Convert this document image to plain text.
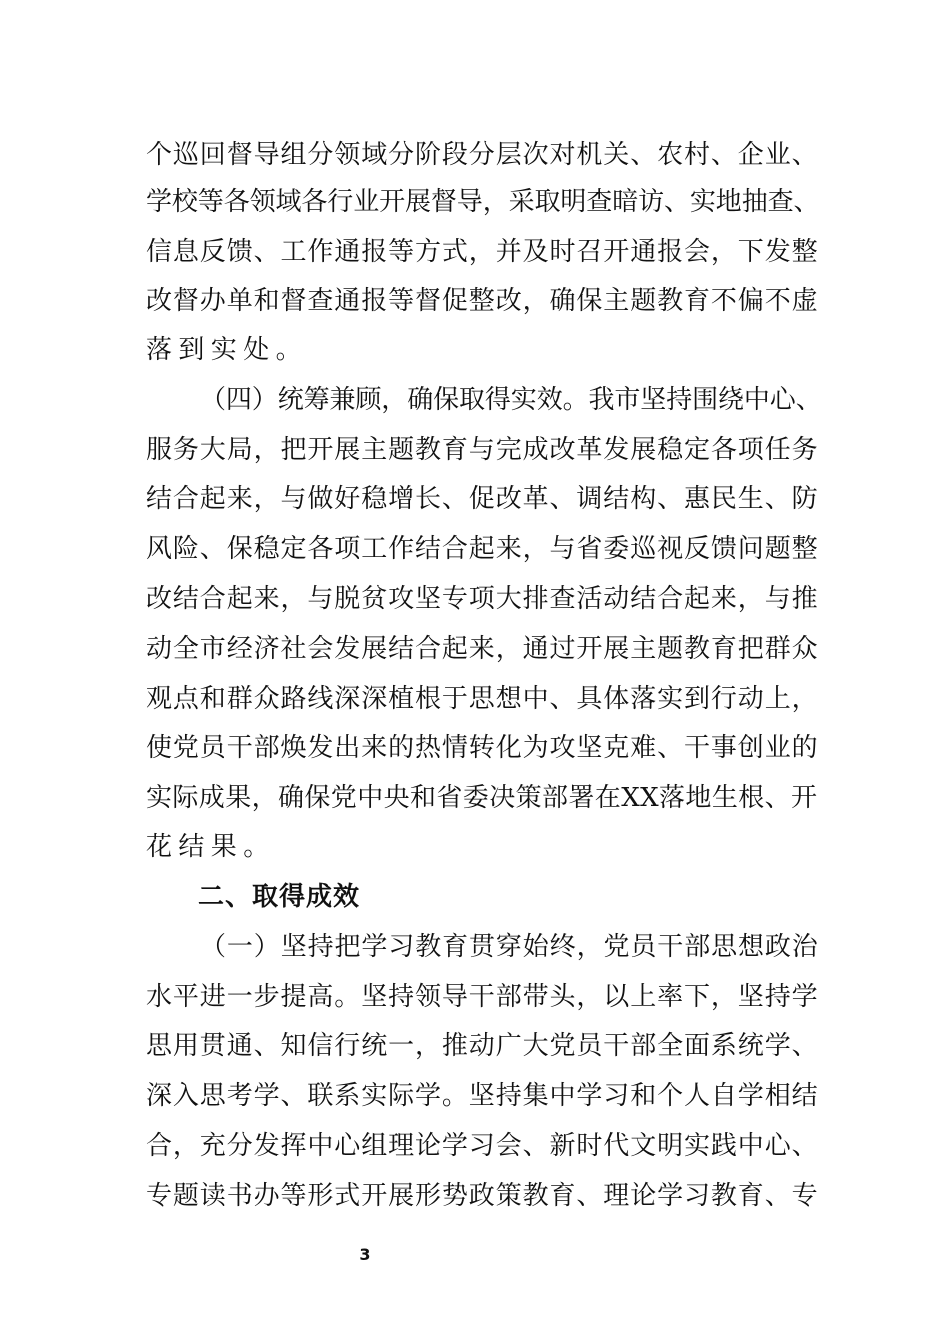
个巡回督导组分领域分阶段分层次对机关、农村、企业、
学校等各领域各行业开展督导，采取明查暗访、实地抽查、
信息反馈、工作通报等方式，并及时召开通报会，下发整
改督办单和督查通报等督促整改，确保主题教育不偏不虚
落到实处。
（四）统筹兼顾，确保取得实效。我市坚持围绕中心、
服务大局，把开展主题教育与完成改革发展稳定各项任务
结合起来，与做好稳增长、促改革、调结构、惠民生、防
风险、保稳定各项工作结合起来，与省委巡视反馈问题整
改结合起来，与脱贫攻坚专项大排查活动结合起来，与推
动全市经济社会发展结合起来，通过开展主题教育把群众
观点和群众路线深深植根于思想中、具体落实到行动上，
使党员干部焕发出来的热情转化为攻坚克难、干事创业的
实际成果，确保党中央和省委决策部署在XX落地生根、开
花结果。
二、取得成效
（一）坚持把学习教育贯穿始终，党员干部思想政治
水平进一步提高。坚持领导干部带头，以上率下，坚持学
思用贯通、知信行统一，推动广大党员干部全面系统学、
深入思考学、联系实际学。坚持集中学习和个人自学相结
合，充分发挥中心组理论学习会、新时代文明实践中心、
专题读书办等形式开展形势政策教育、理论学习教育、专
3
